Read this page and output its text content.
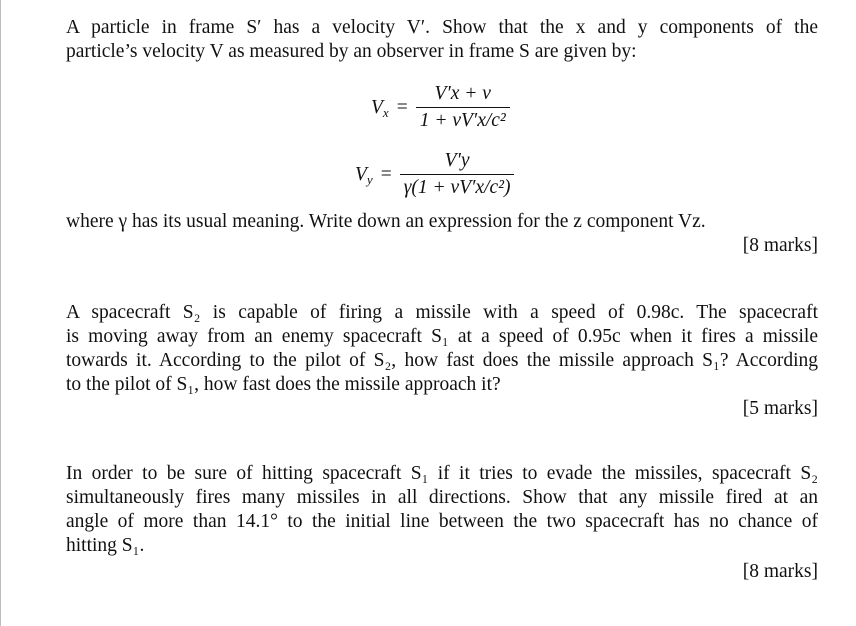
A particle in frame S′ has a velocity V′. Show that the x and y components of the
particle’s velocity V as measured by an observer in frame S are given by:
$V_x = \frac{V'x + v}{\text{1 + vV′x/c²}}$
$V_y = \frac{V'y}{\text{γ(1 + vV′x/c²)}}$
where γ has its usual meaning. Write down an expression for the z component Vz.
[8 marks]
A spacecraft S₂ is capable of firing a missile with a speed of 0.98c. The spacecraft
is moving away from an enemy spacecraft S₁ at a speed of 0.95c when it fires a missile
towards it. According to the pilot of S₂, how fast does the missile approach S₁? According
to the pilot of S₁, how fast does the missile approach it?
[5 marks]
In order to be sure of hitting spacecraft S₁ if it tries to evade the missiles, spacecraft S₂
simultaneously fires many missiles in all directions. Show that any missile fired at an
angle of more than 14.1° to the initial line between the two spacecraft has no chance of
hitting S₁.
[8 marks]
